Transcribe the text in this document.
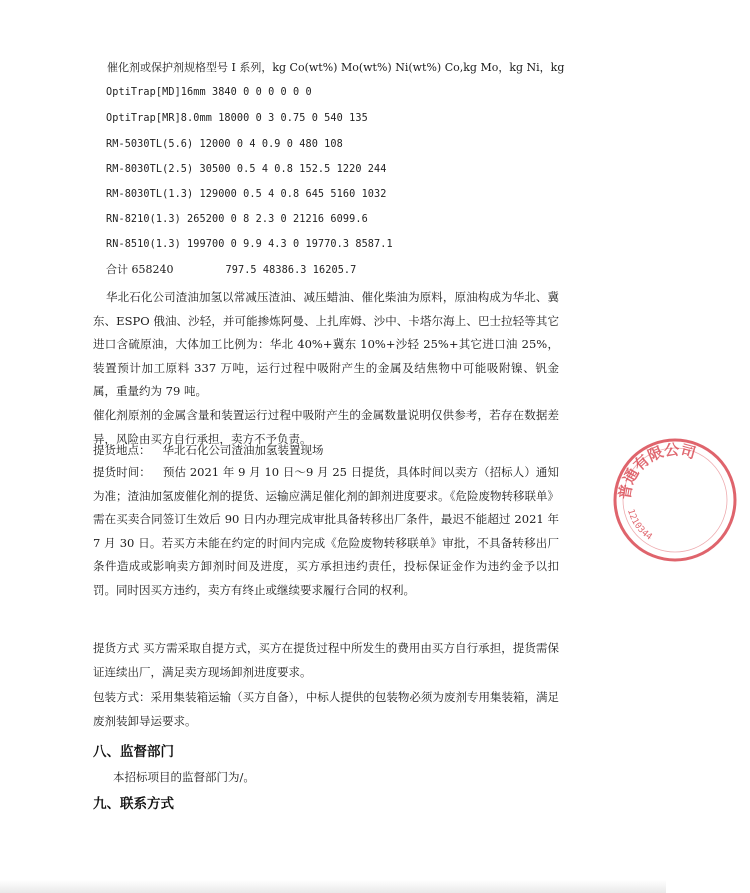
催化剂或保护剂规格型号 I 系列，kg Co(wt%) Mo(wt%) Ni(wt%) Co,kg Mo，kg Ni，kg
OptiTrap[MD]16mm 3840 0 0 0 0 0 0
OptiTrap[MR]8.0mm 18000 0 3 0.75 0 540 135
RM-5030TL(5.6) 12000 0 4 0.9 0 480 108
RM-8030TL(2.5) 30500 0.5 4 0.8 152.5 1220 244
RM-8030TL(1.3) 129000 0.5 4 0.8 645 5160 1032
RN-8210(1.3) 265200 0 8 2.3 0 21216 6099.6
RN-8510(1.3) 199700 0 9.9 4.3 0 19770.3 8587.1
合计 658240	797.5 48386.3 16205.7
华北石化公司渣油加氢以常减压渣油、减压蜡油、催化柴油为原料，原油构成为华北、冀东、ESPO 俄油、沙轻，并可能掺炼阿曼、上扎库姆、沙中、卡塔尔海上、巴士拉轻等其它进口含硫原油，大体加工比例为：华北 40%+冀东 10%+沙轻 25%+其它进口油 25%，装置预计加工原料 337 万吨，运行过程中吸附产生的金属及结焦物中可能吸附镍、钒金属，重量约为 79 吨。
催化剂原剂的金属含量和装置运行过程中吸附产生的金属数量说明仅供参考，若存在数据差异，风险由买方自行承担，卖方不予负责。
提货地点： 华北石化公司渣油加氢装置现场
提货时间： 预估 2021 年 9 月 10 日～9 月 25 日提货，具体时间以卖方（招标人）通知为准；渣油加氢废催化剂的提货、运输应满足催化剂的卸剂进度要求。《危险废物转移联单》需在买卖合同签订生效后 90 日内办理完成审批具备转移出厂条件，最迟不能超过 2021 年 7 月 30 日。若买方未能在约定的时间内完成《危险废物转移联单》审批，不具备转移出厂条件造成或影响卖方卸剂时间及进度，买方承担违约责任，投标保证金作为违约金予以扣罚。同时因买方违约，卖方有终止或继续要求履行合同的权利。
提货方式 买方需采取自提方式，买方在提货过程中所发生的费用由买方自行承担，提货需保证连续出厂，满足卖方现场卸剂进度要求。
包装方式：采用集装箱运输（买方自备），中标人提供的包装物必须为废剂专用集装箱，满足废剂装卸导运要求。
八、监督部门
本招标项目的监督部门为/。
九、联系方式
普通有限公司
1210344
